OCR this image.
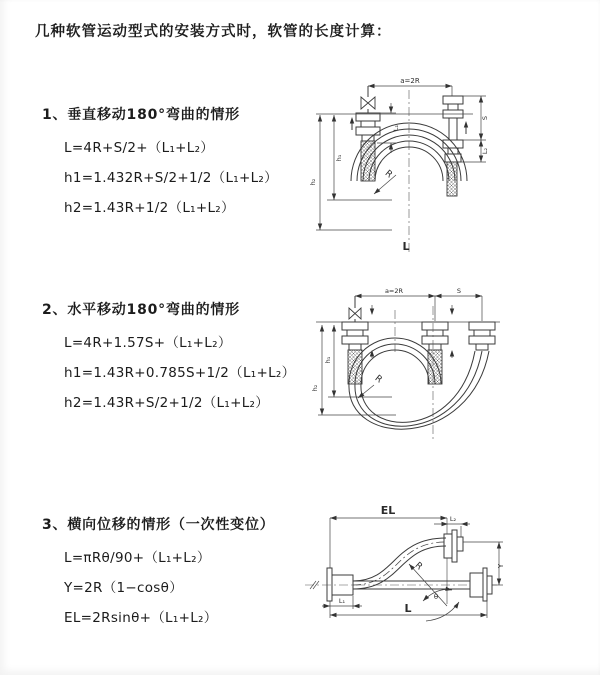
几种软管运动型式的安装方式时，软管的长度计算：
1、垂直移动180°弯曲的情形

L=4R+S/2+（L₁+L₂）

h1=1.432R+S/2+1/2（L₁+L₂）

h2=1.43R+1/2（L₁+L₂）

2、水平移动180°弯曲的情形

L=4R+1.57S+（L₁+L₂）

h1=1.43R+0.785S+1/2（L₁+L₂）

h2=1.43R+S/2+1/2（L₁+L₂）

3、横向位移的情形（一次性变位）

L=πRθ/90+（L₁+L₂）

Y=2R（1−cosθ）

EL=2Rsinθ+（L₁+L₂）

a=2R
L₁
S
L₂
h₁
h₂
R
L
a=2R	S
h₁
h₂
R
EL
L₂
Y
R
θ
L₁
L
